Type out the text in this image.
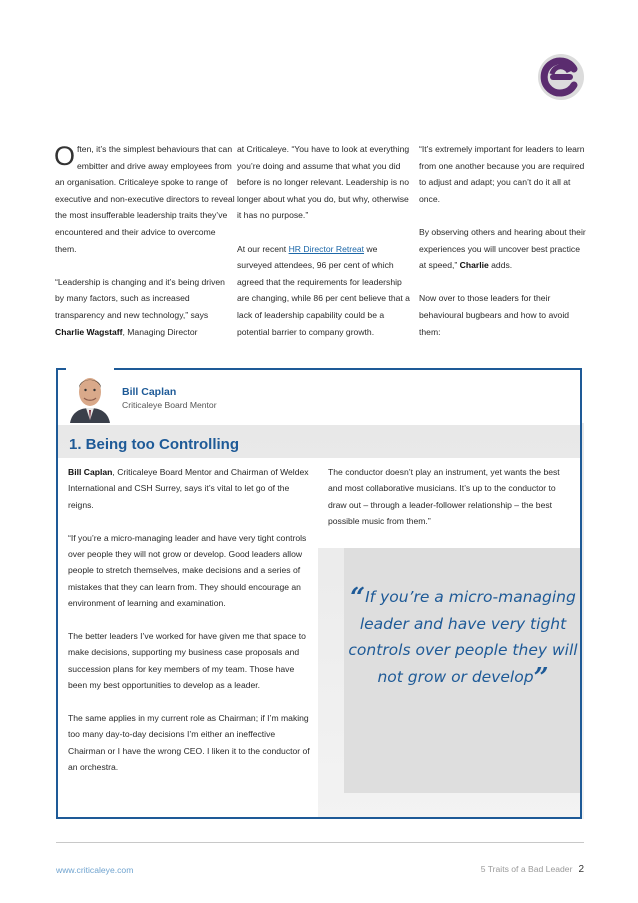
Often, it’s the simplest behaviours that can embitter and drive away employees from an organisation. Criticaleye spoke to range of executive and non-executive directors to reveal the most insufferable leadership traits they’ve encountered and their advice to overcome them.

“Leadership is changing and it’s being driven by many factors, such as increased transparency and new technology,” says Charlie Wagstaff, Managing Director

at Criticaleye. “You have to look at everything you’re doing and assume that what you did before is no longer relevant. Leadership is no longer about what you do, but why, otherwise it has no purpose.”

At our recent HR Director Retreat we surveyed attendees, 96 per cent of which agreed that the requirements for leadership are changing, while 86 per cent believe that a lack of leadership capability could be a potential barrier to company growth.

“It’s extremely important for leaders to learn from one another because you are required to adjust and adapt; you can’t do it all at once.

By observing others and hearing about their experiences you will uncover best practice at speed,” Charlie adds.

Now over to those leaders for their behavioural bugbears and how to avoid them:

Bill Caplan
Criticaleye Board Mentor
1. Being too Controlling

Bill Caplan, Criticaleye Board Mentor and Chairman of Weldex International and CSH Surrey, says it’s vital to let go of the reigns.

“If you’re a micro-managing leader and have very tight controls over people they will not grow or develop. Good leaders allow people to stretch themselves, make decisions and a series of mistakes that they can learn from. They should encourage an environment of learning and examination.

The better leaders I’ve worked for have given me that space to make decisions, supporting my business case proposals and succession plans for key members of my team. Those have been my best opportunities to develop as a leader.

The same applies in my current role as Chairman; if I’m making too many day-to-day decisions I’m either an ineffective Chairman or I have the wrong CEO. I liken it to the conductor of an orchestra.

The conductor doesn’t play an instrument, yet wants the best and most collaborative musicians. It’s up to the conductor to draw out – through a leader-follower relationship – the best possible music from them.”

“If you’re a micro-managing leader and have very tight controls over people they will not grow or develop”
www.criticaleye.com	5 Traits of a Bad Leader 2
